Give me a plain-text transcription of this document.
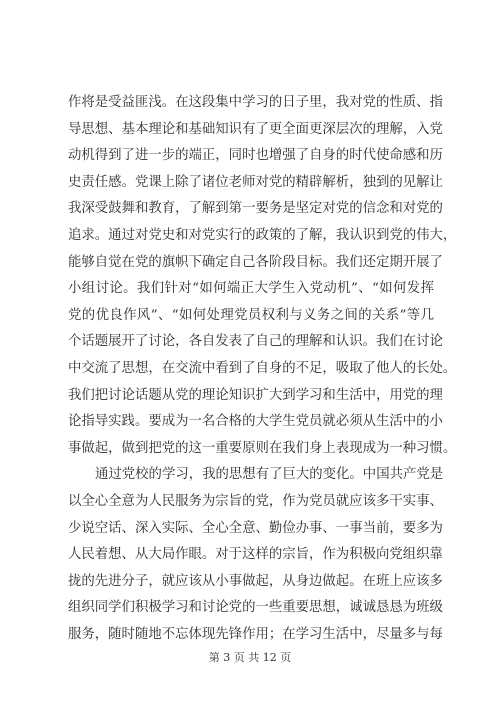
作将是受益匪浅。在这段集中学习的日子里，我对党的性质、指
导思想、基本理论和基础知识有了更全面更深层次的理解，入党
动机得到了进一步的端正，同时也增强了自身的时代使命感和历
史责任感。党课上除了诸位老师对党的精辟解析，独到的见解让
我深受鼓舞和教育，了解到第一要务是坚定对党的信念和对党的
追求。通过对党史和对党实行的政策的了解，我认识到党的伟大，
能够自觉在党的旗帜下确定自己各阶段目标。我们还定期开展了
小组讨论。我们针对“如何端正大学生入党动机”、“如何发挥
党的优良作风”、“如何处理党员权利与义务之间的关系”等几
个话题展开了讨论，各自发表了自己的理解和认识。我们在讨论
中交流了思想，在交流中看到了自身的不足，吸取了他人的长处。
我们把讨论话题从党的理论知识扩大到学习和生活中，用党的理
论指导实践。要成为一名合格的大学生党员就必须从生活中的小
事做起，做到把党的这一重要原则在我们身上表现成为一种习惯。
通过党校的学习，我的思想有了巨大的变化。中国共产党是
以全心全意为人民服务为宗旨的党，作为党员就应该多干实事、
少说空话、深入实际、全心全意、勤俭办事、一事当前，要多为
人民着想、从大局作眼。对于这样的宗旨，作为积极向党组织靠
拢的先进分子，就应该从小事做起，从身边做起。在班上应该多
组织同学们积极学习和讨论党的一些重要思想，诚诚恳恳为班级
服务，随时随地不忘体现先锋作用；在学习生活中，尽量多与每
第 3 页 共 12 页
